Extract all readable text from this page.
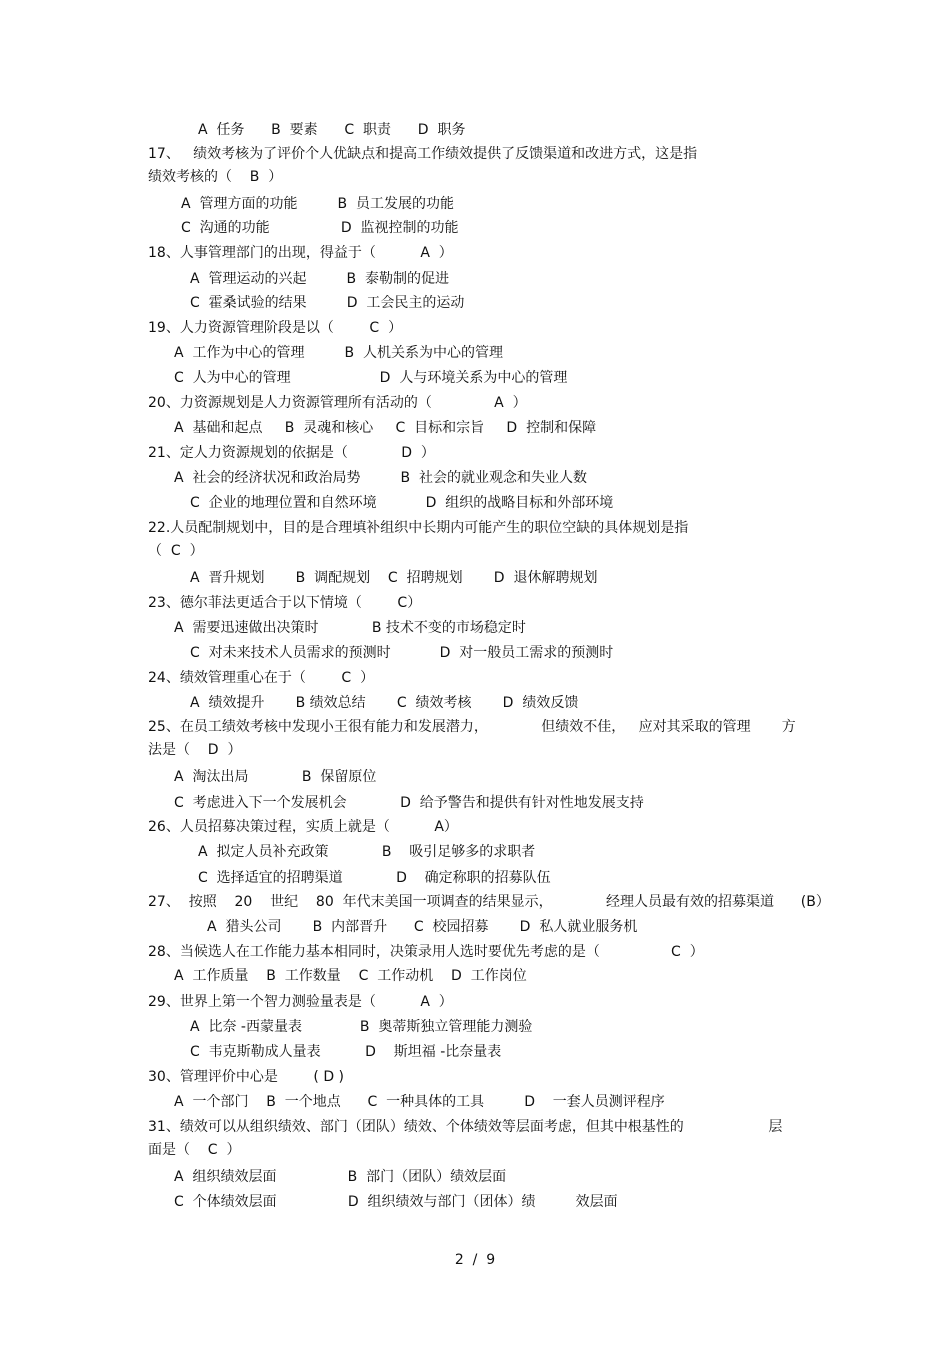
A  任务      B  要素      C  职责      D  职务
17、   绩效考核为了评价个人优缺点和提高工作绩效提供了反馈渠道和改进方式，这是指
绩效考核的（    B  ）
A  管理方面的功能         B  员工发展的功能
C  沟通的功能                D  监视控制的功能
18、人事管理部门的出现，得益于（          A  ）
A  管理运动的兴起         B  泰勒制的促进
C  霍桑试验的结果         D  工会民主的运动
19、人力资源管理阶段是以（        C  ）
A  工作为中心的管理         B  人机关系为中心的管理
C  人为中心的管理                    D  人与环境关系为中心的管理
20、力资源规划是人力资源管理所有活动的（              A  ）
A  基础和起点     B  灵魂和核心     C  目标和宗旨     D  控制和保障
21、定人力资源规划的依据是（            D  ）
A  社会的经济状况和政治局势         B  社会的就业观念和失业人数
C  企业的地理位置和自然环境           D  组织的战略目标和外部环境
22.人员配制规划中，目的是合理填补组织中长期内可能产生的职位空缺的具体规划是指
（  C  ）
A  晋升规划       B  调配规划    C  招聘规划       D  退休解聘规划
23、德尔菲法更适合于以下情境（        C）
A  需要迅速做出决策时            B 技术不变的市场稳定时
C  对未来技术人员需求的预测时           D  对一般员工需求的预测时
24、绩效管理重心在于（        C  ）
A  绩效提升       B 绩效总结       C  绩效考核       D  绩效反馈
25、在员工绩效考核中发现小王很有能力和发展潜力，            但绩效不佳，   应对其采取的管理       方
法是（    D  ）
A  淘汰出局            B  保留原位
C  考虑进入下一个发展机会            D  给予警告和提供有针对性地发展支持
26、人员招募决策过程，实质上就是（          A）
A  拟定人员补充政策            B    吸引足够多的求职者
C  选择适宜的招聘渠道            D    确定称职的招募队伍
27、  按照    20    世纪    80  年代末美国一项调查的结果显示，            经理人员最有效的招募渠道      (B）
A  猎头公司       B  内部晋升      C  校园招募       D  私人就业服务机
28、当候选人在工作能力基本相同时，决策录用人选时要优先考虑的是（                C  ）
A  工作质量    B  工作数量    C  工作动机    D  工作岗位
29、世界上第一个智力测验量表是（          A  ）
A  比奈 -西蒙量表             B  奥蒂斯独立管理能力测验
C  韦克斯勒成人量表          D    斯坦福 -比奈量表
30、管理评价中心是        ( D )
A  一个部门    B  一个地点      C  一种具体的工具         D    一套人员测评程序
31、绩效可以从组织绩效、部门（团队）绩效、个体绩效等层面考虑，但其中根基性的                   层
面是（    C  ）
A  组织绩效层面                B  部门（团队）绩效层面
C  个体绩效层面                D  组织绩效与部门（团体）绩         效层面
2  /  9
